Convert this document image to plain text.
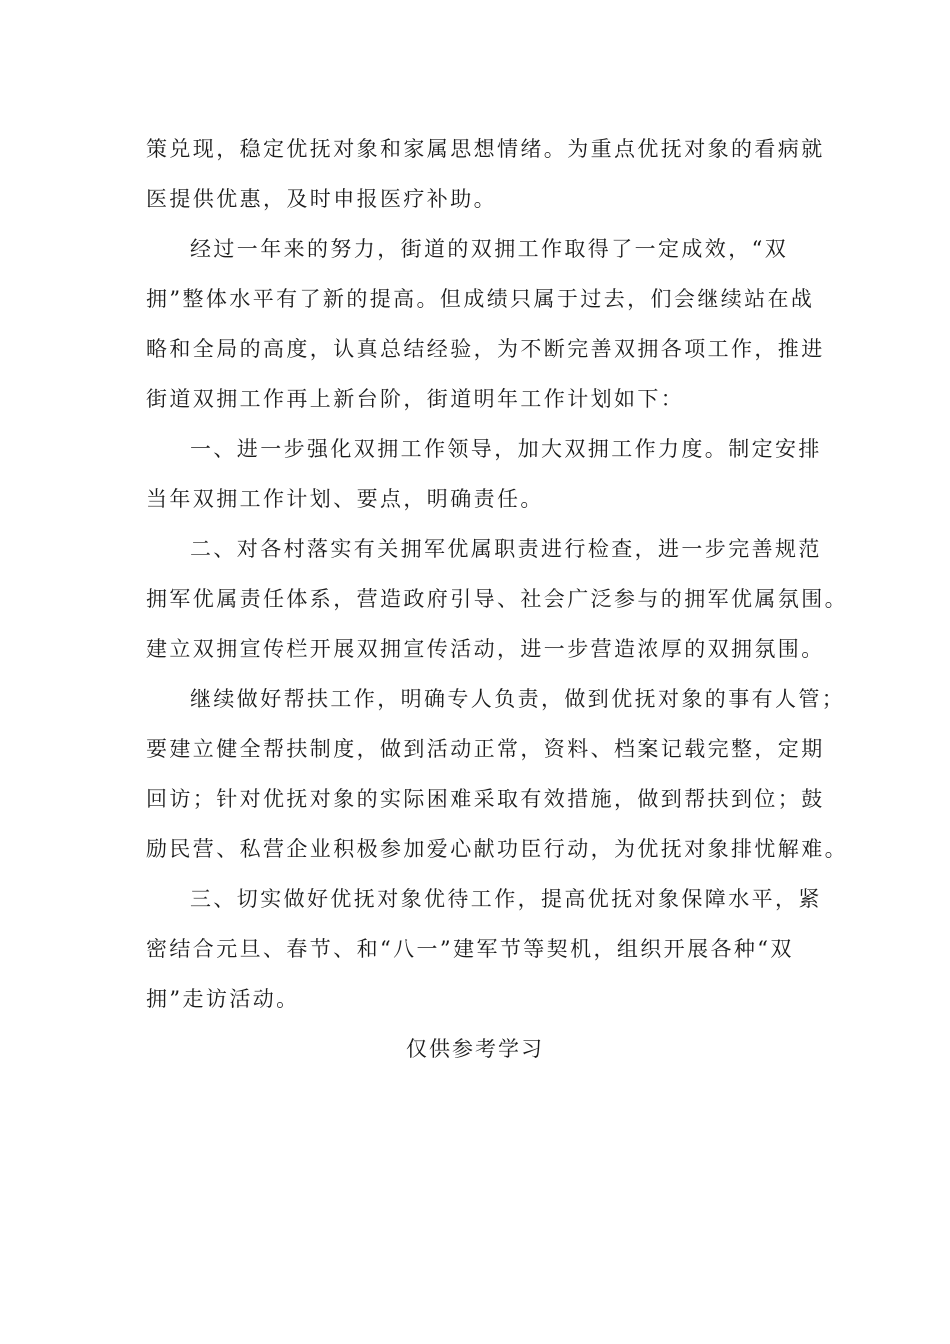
策兑现，稳定优抚对象和家属思想情绪。为重点优抚对象的看病就
医提供优惠，及时申报医疗补助。
经过一年来的努力，街道的双拥工作取得了一定成效，“双
拥”整体水平有了新的提高。但成绩只属于过去，们会继续站在战
略和全局的高度，认真总结经验，为不断完善双拥各项工作，推进
街道双拥工作再上新台阶，街道明年工作计划如下：
一、进一步强化双拥工作领导，加大双拥工作力度。制定安排
当年双拥工作计划、要点，明确责任。
二、对各村落实有关拥军优属职责进行检查，进一步完善规范
拥军优属责任体系，营造政府引导、社会广泛参与的拥军优属氛围。
建立双拥宣传栏开展双拥宣传活动，进一步营造浓厚的双拥氛围。
继续做好帮扶工作，明确专人负责，做到优抚对象的事有人管；
要建立健全帮扶制度，做到活动正常，资料、档案记载完整，定期
回访；针对优抚对象的实际困难采取有效措施，做到帮扶到位；鼓
励民营、私营企业积极参加爱心献功臣行动，为优抚对象排忧解难。
三、切实做好优抚对象优待工作，提高优抚对象保障水平，紧
密结合元旦、春节、和“八一”建军节等契机，组织开展各种“双
拥”走访活动。
仅供参考学习
